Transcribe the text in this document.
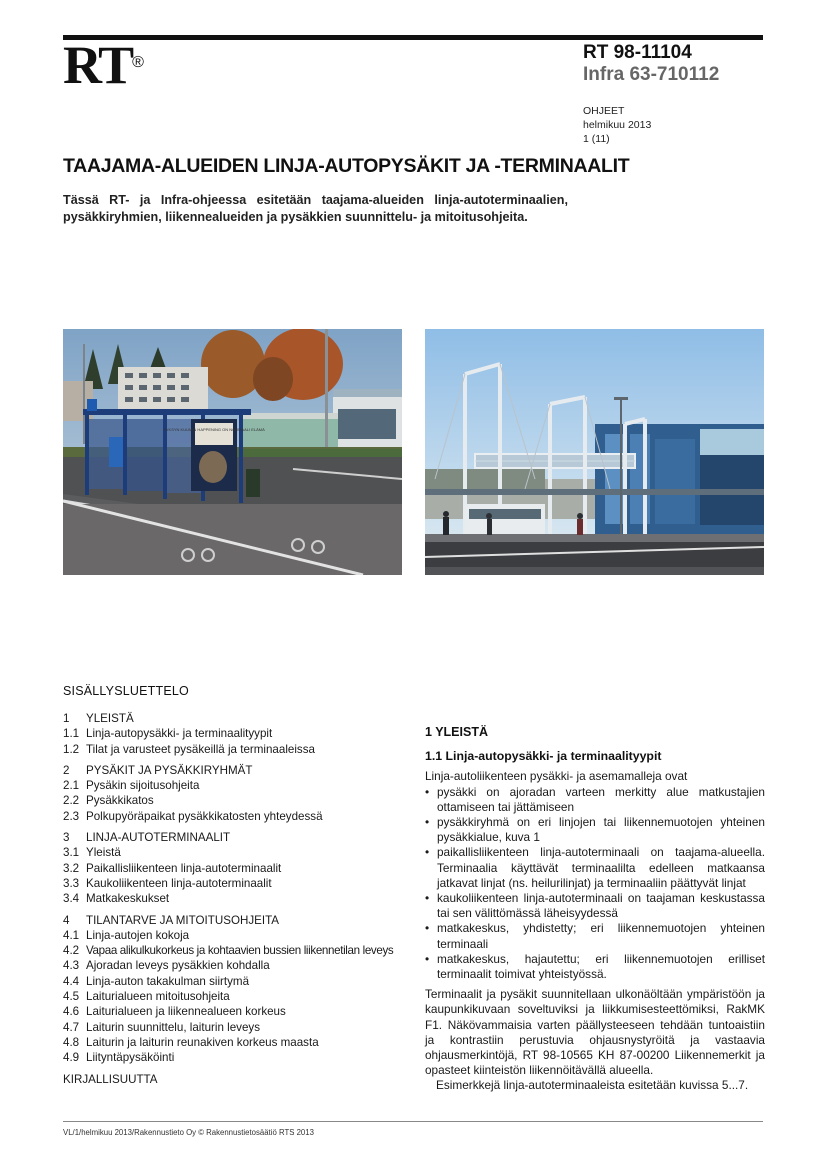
RT®	RT 98-11104
Infra 63-710112
OHJEET
helmikuu 2013
1 (11)
TAAJAMA-ALUEIDEN LINJA-AUTOPYSÄKIT JA -TERMINAALIT
Tässä RT- ja Infra-ohjeessa esitetään taajama-alueiden linja-autoterminaalien, pysäkkiryhmien, liikennealueiden ja pysäkkien suunnittelu- ja mitoitusohjeita.
SYKSYN KUUMIN HAPPENING ON NORMAALI ELÄMÄ
SISÄLLYSLUETTELO
1	YLEISTÄ
1.1 Linja-autopysäkki- ja terminaalityypit
1.2 Tilat ja varusteet pysäkeillä ja terminaaleissa
2	PYSÄKIT JA PYSÄKKIRYHMÄT
2.1 Pysäkin sijoitusohjeita
2.2 Pysäkkikatos
2.3 Polkupyöräpaikat pysäkkikatosten yhteydessä
3	LINJA-AUTOTERMINAALIT
3.1 Yleistä
3.2 Paikallisliikenteen linja-autoterminaalit
3.3 Kaukoliikenteen linja-autoterminaalit
3.4 Matkakeskukset
4	TILANTARVE JA MITOITUSOHJEITA
4.1 Linja-autojen kokoja
4.2 Vapaa alikulkukorkeus ja kohtaavien bussien liikennetilan leveys
4.3 Ajoradan leveys pysäkkien kohdalla
4.4 Linja-auton takakulman siirtymä
4.5 Laiturialueen mitoitusohjeita
4.6 Laiturialueen ja liikennealueen korkeus
4.7 Laiturin suunnittelu, laiturin leveys
4.8 Laiturin ja laiturin reunakiven korkeus maasta
4.9 Liityntäpysäköinti
KIRJALLISUUTTA
1 YLEISTÄ
1.1 Linja-autopysäkki- ja terminaalityypit

Linja-autoliikenteen pysäkki- ja asemamalleja ovat

• pysäkki on ajoradan varteen merkitty alue matkustajien ottamiseen tai jättämiseen
• pysäkkiryhmä on eri linjojen tai liikennemuotojen yhteinen pysäkkialue, kuva 1
• paikallisliikenteen linja-autoterminaali on taajama-alueella. Terminaalia käyttävät terminaalilta edelleen matkaansa jatkavat linjat (ns. heilurilinjat) ja terminaaliin päättyvät linjat
• kaukoliikenteen linja-autoterminaali on taajaman keskustassa tai sen välittömässä läheisyydessä
• matkakeskus, yhdistetty; eri liikennemuotojen yhteinen terminaali
• matkakeskus, hajautettu; eri liikennemuotojen erilliset terminaalit toimivat yhteistyössä.

Terminaalit ja pysäkit suunnitellaan ulkonäöltään ympäristöön ja kaupunkikuvaan soveltuviksi ja liikkumisesteettömiksi, RakMK F1. Näkövammaisia varten päällysteeseen tehdään tuntoaistiin ja kontrastiin perustuvia ohjausnystyröitä ja vastaavia ohjausmerkintöjä, RT 98-10565 KH 87-00200 Liikennemerkit ja opasteet kiinteistön liikennöitävällä alueella.

Esimerkkejä linja-autoterminaaleista esitetään kuvissa 5...7.

VL/1/helmikuu 2013/Rakennustieto Oy © Rakennustietosäätiö RTS 2013
